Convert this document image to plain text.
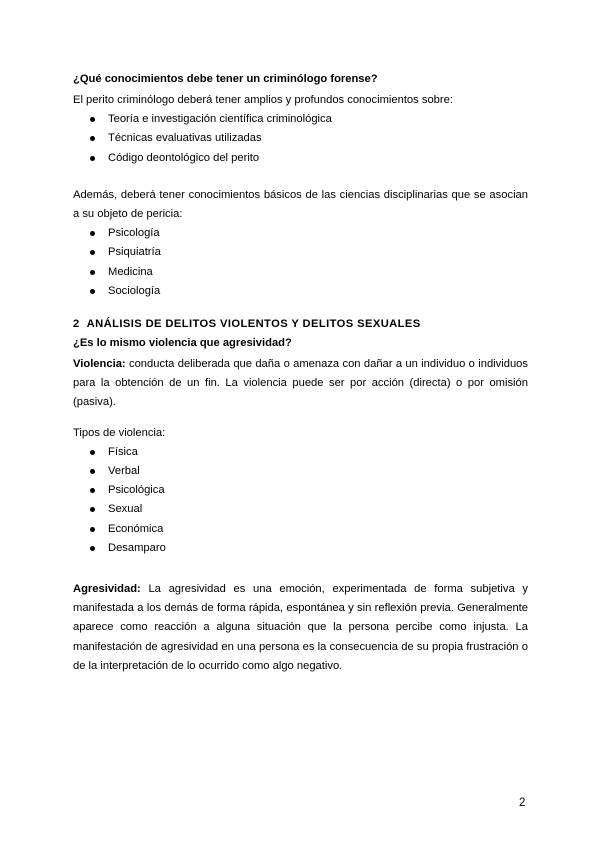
¿Qué conocimientos debe tener un criminólogo forense?

El perito criminólogo deberá tener amplios y profundos conocimientos sobre:

Teoría e investigación científica criminológica
Técnicas evaluativas utilizadas
Código deontológico del perito

Además, deberá tener conocimientos básicos de las ciencias disciplinarias que se asocian a su objeto de pericia:

Psicología
Psiquiatría
Medicina
Sociología

2 ANÁLISIS DE DELITOS VIOLENTOS Y DELITOS SEXUALES

¿Es lo mismo violencia que agresividad?

Violencia: conducta deliberada que daña o amenaza con dañar a un individuo o individuos para la obtención de un fin. La violencia puede ser por acción (directa) o por omisión (pasiva).

Tipos de violencia:

Física
Verbal
Psicológica
Sexual
Económica
Desamparo

Agresividad: La agresividad es una emoción, experimentada de forma subjetiva y manifestada a los demás de forma rápida, espontánea y sin reflexión previa. Generalmente aparece como reacción a alguna situación que la persona percibe como injusta. La manifestación de agresividad en una persona es la consecuencia de su propia frustración o de la interpretación de lo ocurrido como algo negativo.

2
